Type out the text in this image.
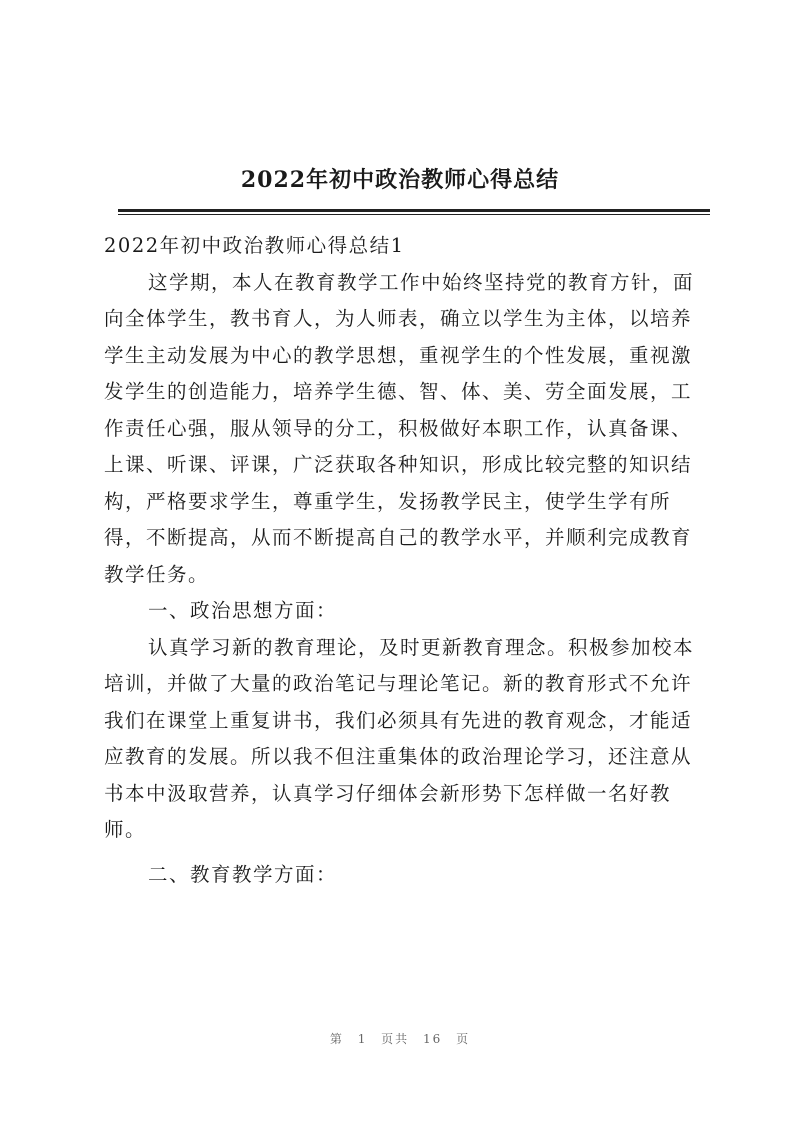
2022年初中政治教师心得总结
2022年初中政治教师心得总结1
这学期，本人在教育教学工作中始终坚持党的教育方针，面
向全体学生，教书育人，为人师表，确立以学生为主体，以培养
学生主动发展为中心的教学思想，重视学生的个性发展，重视激
发学生的创造能力，培养学生德、智、体、美、劳全面发展，工
作责任心强，服从领导的分工，积极做好本职工作，认真备课、
上课、听课、评课，广泛获取各种知识，形成比较完整的知识结
构，严格要求学生，尊重学生，发扬教学民主，使学生学有所
得，不断提高，从而不断提高自己的教学水平，并顺利完成教育
教学任务。
一、政治思想方面：
认真学习新的教育理论，及时更新教育理念。积极参加校本
培训，并做了大量的政治笔记与理论笔记。新的教育形式不允许
我们在课堂上重复讲书，我们必须具有先进的教育观念，才能适
应教育的发展。所以我不但注重集体的政治理论学习，还注意从
书本中汲取营养，认真学习仔细体会新形势下怎样做一名好教
师。
二、教育教学方面：
第 1 页共 16 页
